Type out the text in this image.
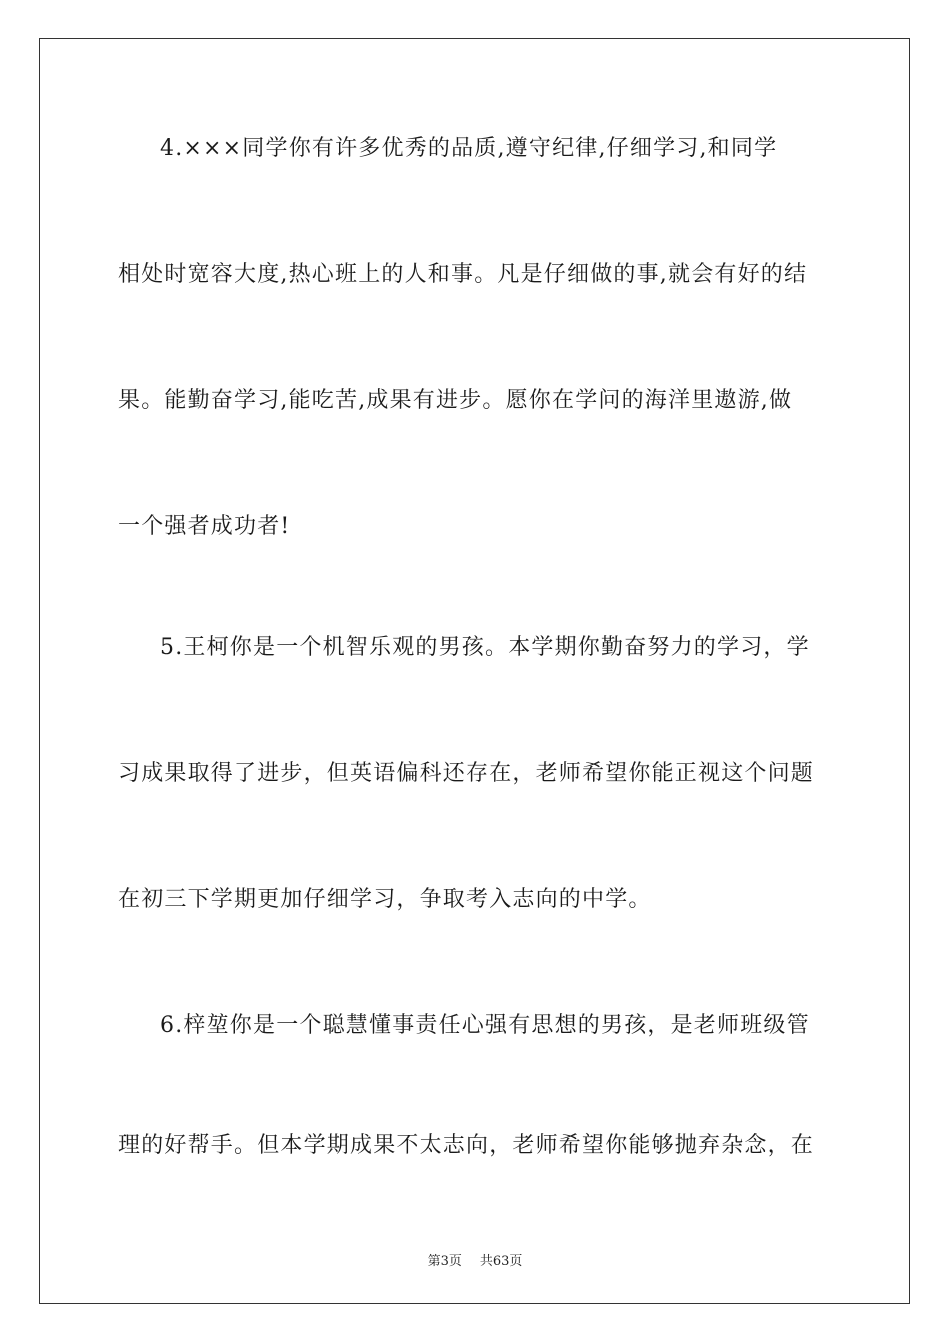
4.×××同学你有许多优秀的品质,遵守纪律,仔细学习,和同学
相处时宽容大度,热心班上的人和事。凡是仔细做的事,就会有好的结
果。能勤奋学习,能吃苦,成果有进步。愿你在学问的海洋里遨游,做
一个强者成功者!
5.王柯你是一个机智乐观的男孩。本学期你勤奋努力的学习，学
习成果取得了进步，但英语偏科还存在，老师希望你能正视这个问题
在初三下学期更加仔细学习，争取考入志向的中学。
6.梓堃你是一个聪慧懂事责任心强有思想的男孩，是老师班级管
理的好帮手。但本学期成果不太志向，老师希望你能够抛弃杂念，在
第3页 共63页
